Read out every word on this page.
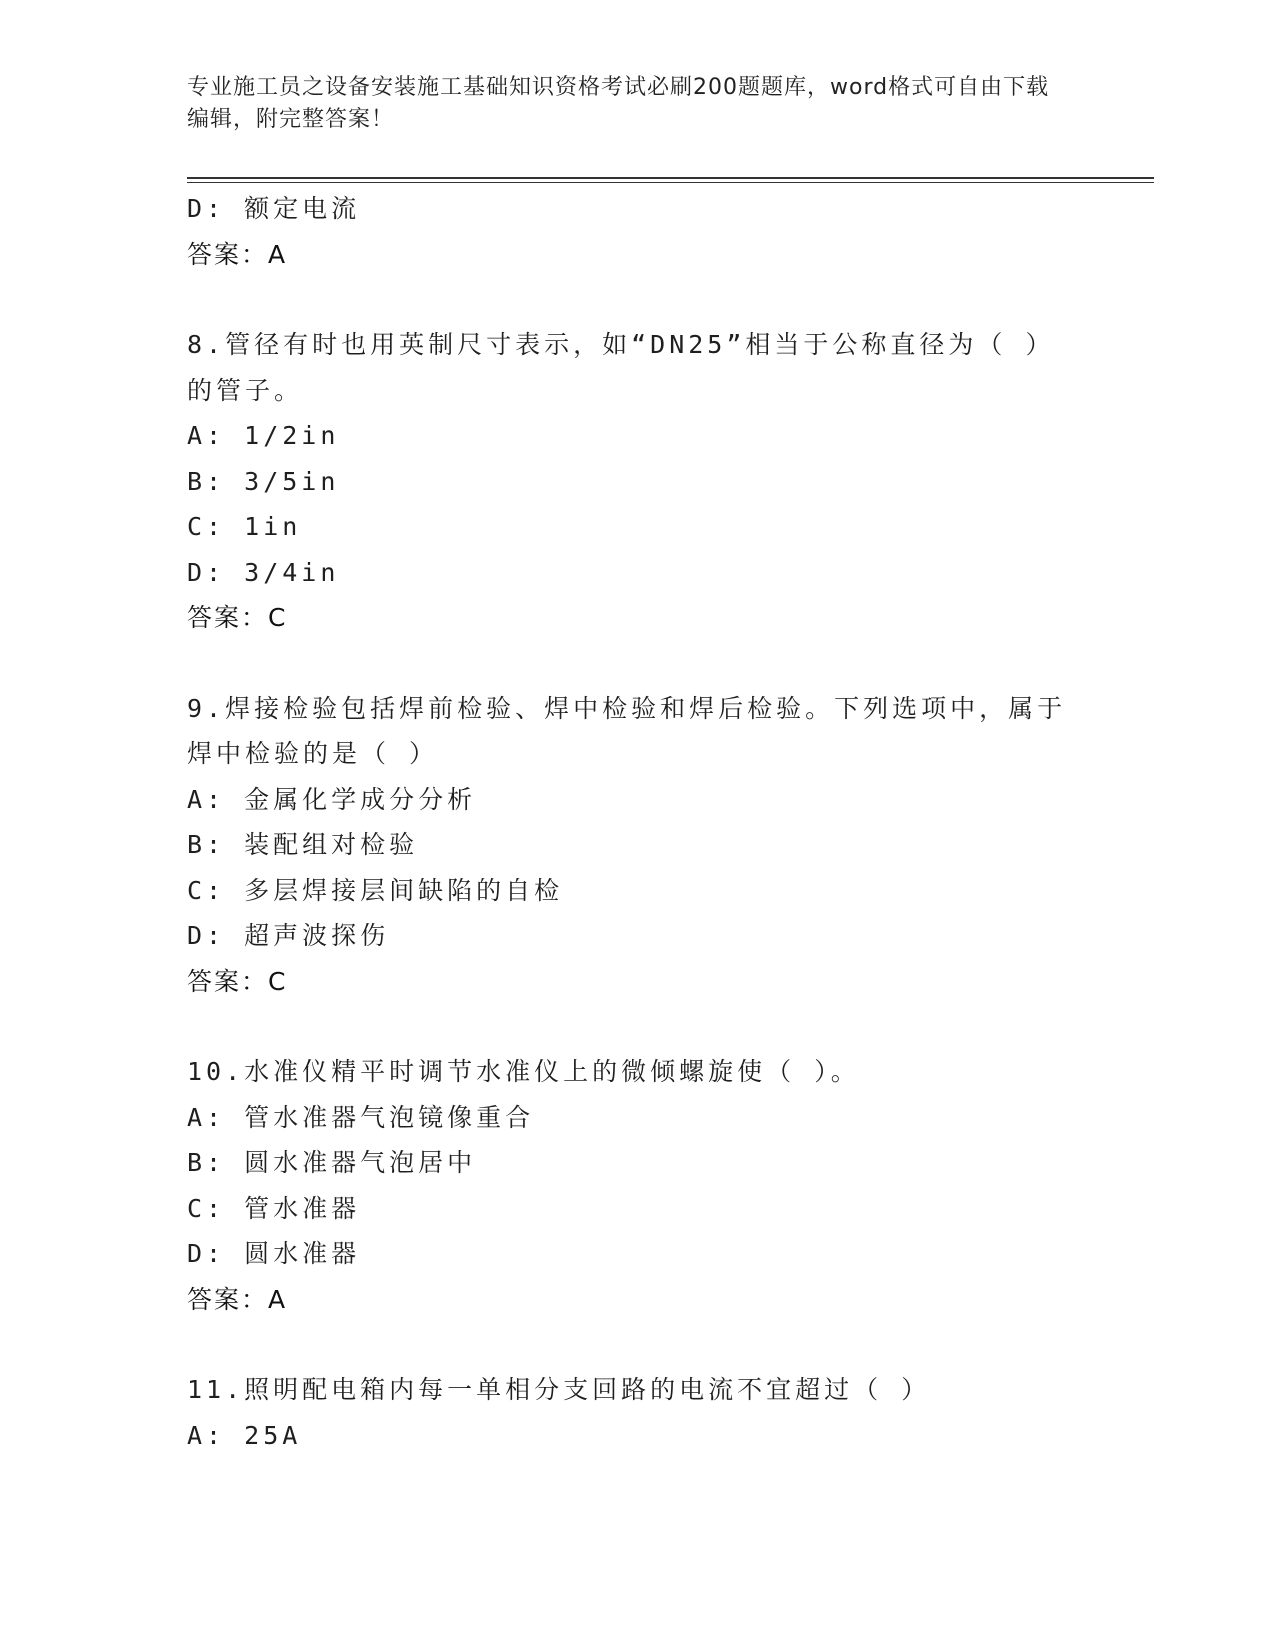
专业施工员之设备安装施工基础知识资格考试必刷200题题库，word格式可自由下载编辑，附完整答案！
D: 额定电流
答案：A
8.管径有时也用英制尺寸表示，如“DN25”相当于公称直径为（ ）的管子。
A: 1/2in
B: 3/5in
C: 1in
D: 3/4in
答案：C
9.焊接检验包括焊前检验、焊中检验和焊后检验。下列选项中，属于焊中检验的是（ ）
A: 金属化学成分分析
B: 装配组对检验
C: 多层焊接层间缺陷的自检
D: 超声波探伤
答案：C
10.水准仪精平时调节水准仪上的微倾螺旋使（ ）。
A: 管水准器气泡镜像重合
B: 圆水准器气泡居中
C: 管水准器
D: 圆水准器
答案：A
11.照明配电箱内每一单相分支回路的电流不宜超过（ ）
A: 25A
